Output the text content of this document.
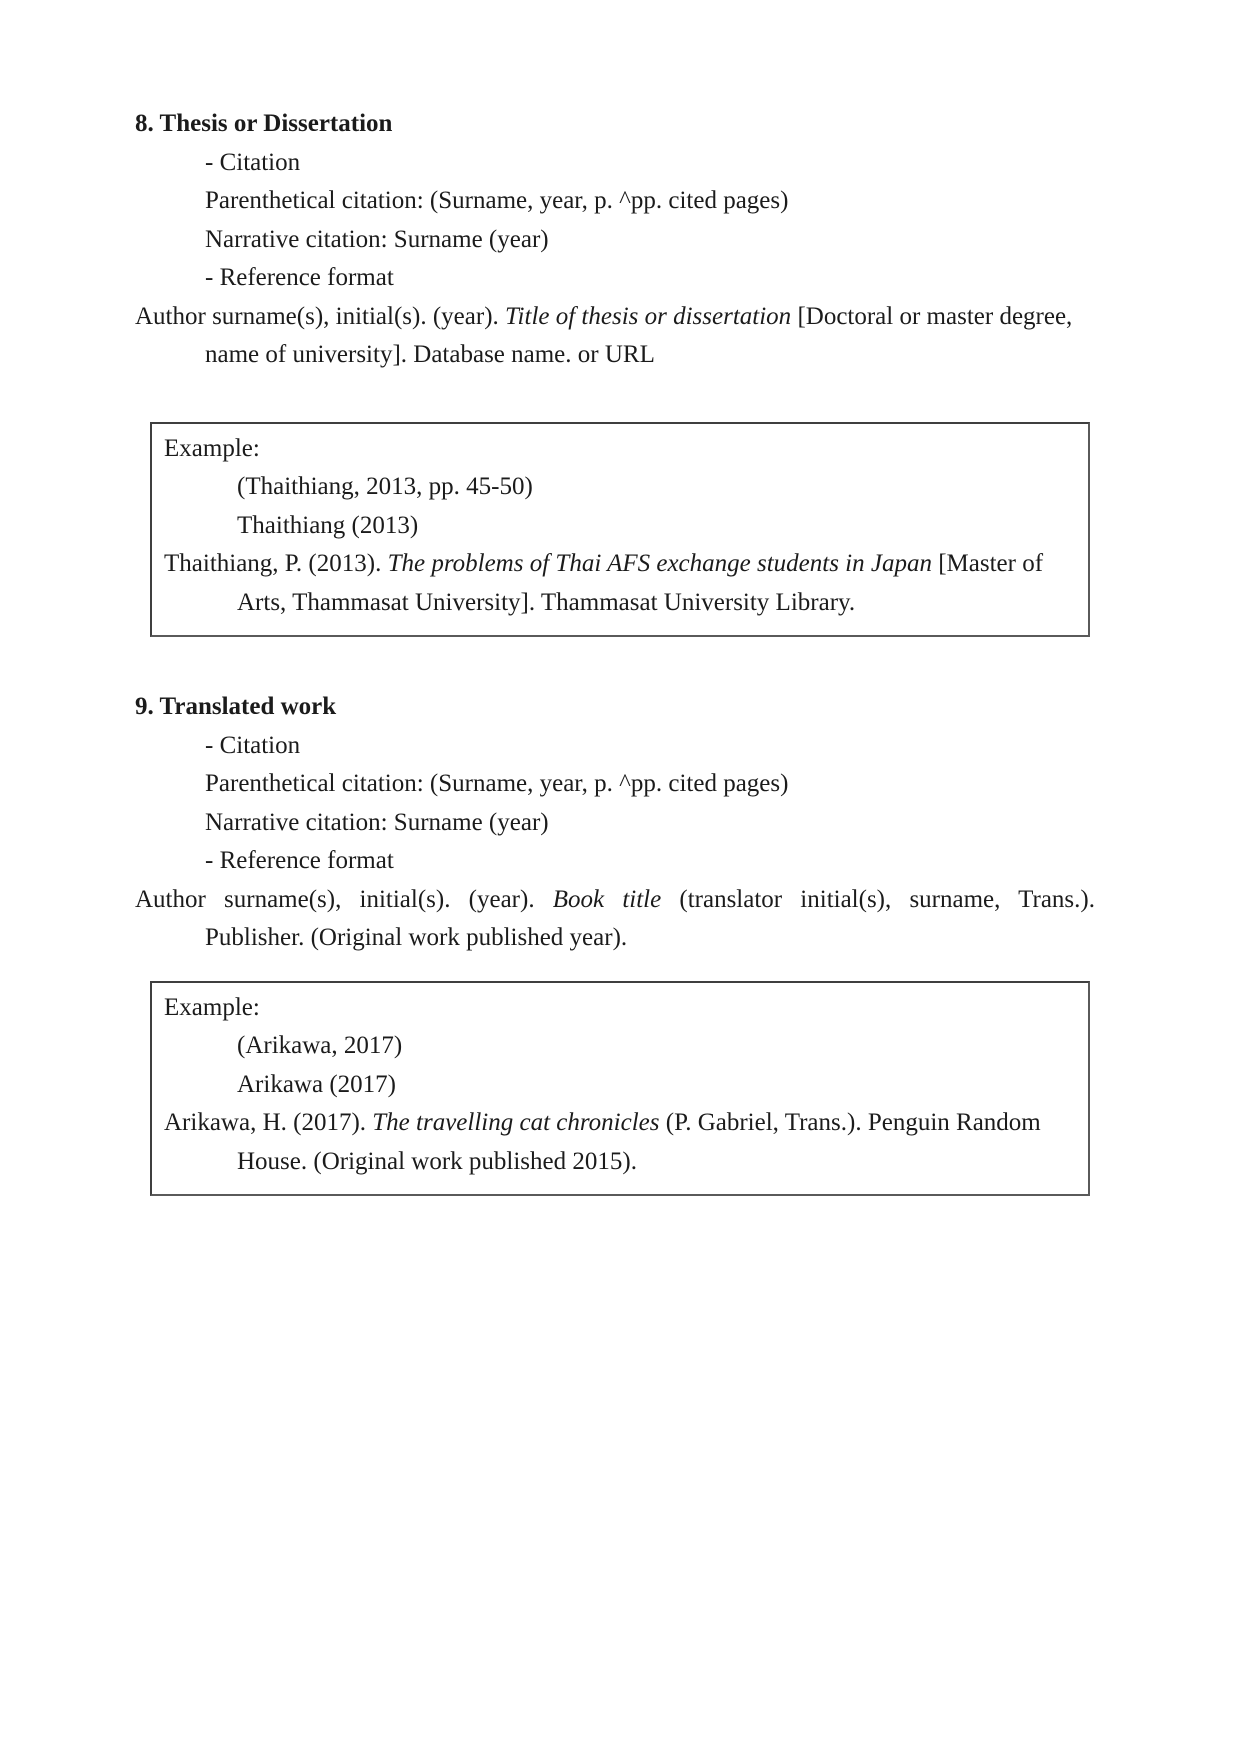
8. Thesis or Dissertation
- Citation
Parenthetical citation: (Surname, year, p. ^pp. cited pages)
Narrative citation: Surname (year)
- Reference format
Author surname(s), initial(s). (year). Title of thesis or dissertation [Doctoral or master degree,
name of university]. Database name. or URL
Example:
(Thaithiang, 2013, pp. 45-50)
Thaithiang (2013)
Thaithiang, P. (2013). The problems of Thai AFS exchange students in Japan [Master of
Arts, Thammasat University]. Thammasat University Library.
9. Translated work
- Citation
Parenthetical citation: (Surname, year, p. ^pp. cited pages)
Narrative citation: Surname (year)
- Reference format
Author surname(s), initial(s). (year). Book title (translator initial(s), surname, Trans.).
Publisher. (Original work published year).
Example:
(Arikawa, 2017)
Arikawa (2017)
Arikawa, H. (2017). The travelling cat chronicles (P. Gabriel, Trans.). Penguin Random
House. (Original work published 2015).
